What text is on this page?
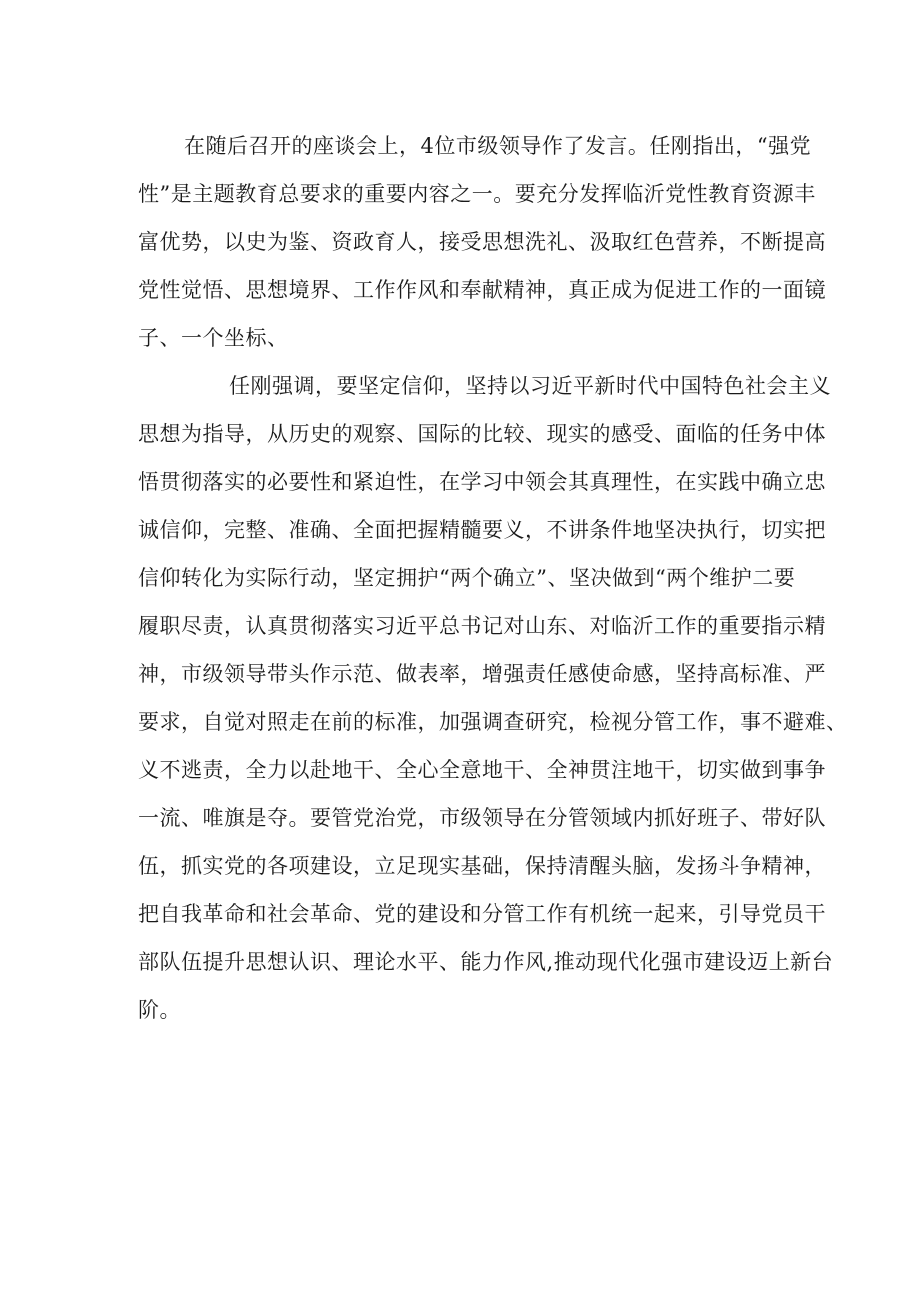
在随后召开的座谈会上，4位市级领导作了发言。任刚指出，“强党
性”是主题教育总要求的重要内容之一。要充分发挥临沂党性教育资源丰
富优势，以史为鉴、资政育人，接受思想洗礼、汲取红色营养，不断提高
党性觉悟、思想境界、工作作风和奉献精神，真正成为促进工作的一面镜
子、一个坐标、
任刚强调，要坚定信仰，坚持以习近平新时代中国特色社会主义
思想为指导，从历史的观察、国际的比较、现实的感受、面临的任务中体
悟贯彻落实的必要性和紧迫性，在学习中领会其真理性，在实践中确立忠
诚信仰，完整、准确、全面把握精髓要义，不讲条件地坚决执行，切实把
信仰转化为实际行动，坚定拥护“两个确立”、坚决做到“两个维护二要
履职尽责，认真贯彻落实习近平总书记对山东、对临沂工作的重要指示精
神，市级领导带头作示范、做表率，增强责任感使命感，坚持高标准、严
要求，自觉对照走在前的标准，加强调查研究，检视分管工作，事不避难、
义不逃责，全力以赴地干、全心全意地干、全神贯注地干，切实做到事争
一流、唯旗是夺。要管党治党，市级领导在分管领域内抓好班子、带好队
伍，抓实党的各项建设，立足现实基础，保持清醒头脑，发扬斗争精神，
把自我革命和社会革命、党的建设和分管工作有机统一起来，引导党员干
部队伍提升思想认识、理论水平、能力作风,推动现代化强市建设迈上新台
阶。
